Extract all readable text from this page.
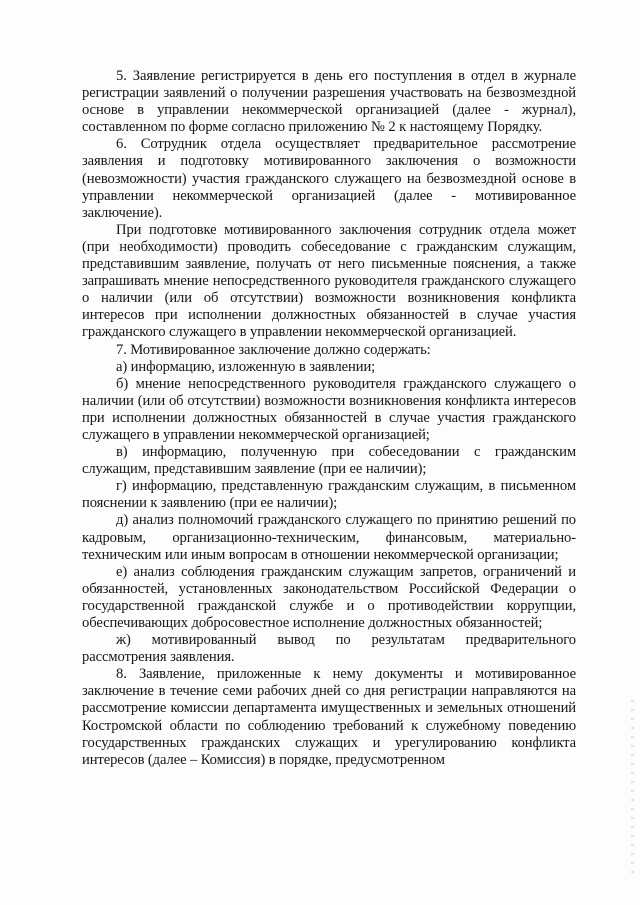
5. Заявление регистрируется в день его поступления в отдел в журнале регистрации заявлений о получении разрешения участвовать на безвозмездной основе в управлении некоммерческой организацией (далее - журнал), составленном по форме согласно приложению № 2 к настоящему Порядку.

6. Сотрудник отдела осуществляет предварительное рассмотрение заявления и подготовку мотивированного заключения о возможности (невозможности) участия гражданского служащего на безвозмездной основе в управлении некоммерческой организацией (далее - мотивированное заключение).

При подготовке мотивированного заключения сотрудник отдела может (при необходимости) проводить собеседование с гражданским служащим, представившим заявление, получать от него письменные пояснения, а также запрашивать мнение непосредственного руководителя гражданского служащего о наличии (или об отсутствии) возможности возникновения конфликта интересов при исполнении должностных обязанностей в случае участия гражданского служащего в управлении некоммерческой организацией.

7. Мотивированное заключение должно содержать:

а) информацию, изложенную в заявлении;

б) мнение непосредственного руководителя гражданского служащего о наличии (или об отсутствии) возможности возникновения конфликта интересов при исполнении должностных обязанностей в случае участия гражданского служащего в управлении некоммерческой организацией;

в) информацию, полученную при собеседовании с гражданским служащим, представившим заявление (при ее наличии);

г) информацию, представленную гражданским служащим, в письменном пояснении к заявлению (при ее наличии);

д) анализ полномочий гражданского служащего по принятию решений по кадровым, организационно-техническим, финансовым, материально-техническим или иным вопросам в отношении некоммерческой организации;

е) анализ соблюдения гражданским служащим запретов, ограничений и обязанностей, установленных законодательством Российской Федерации о государственной гражданской службе и о противодействии коррупции, обеспечивающих добросовестное исполнение должностных обязанностей;

ж) мотивированный вывод по результатам предварительного рассмотрения заявления.

8. Заявление, приложенные к нему документы и мотивированное заключение в течение семи рабочих дней со дня регистрации направляются на рассмотрение комиссии департамента имущественных и земельных отношений Костромской области по соблюдению требований к служебному поведению государственных гражданских служащих и урегулированию конфликта интересов (далее – Комиссия) в порядке, предусмотренном
